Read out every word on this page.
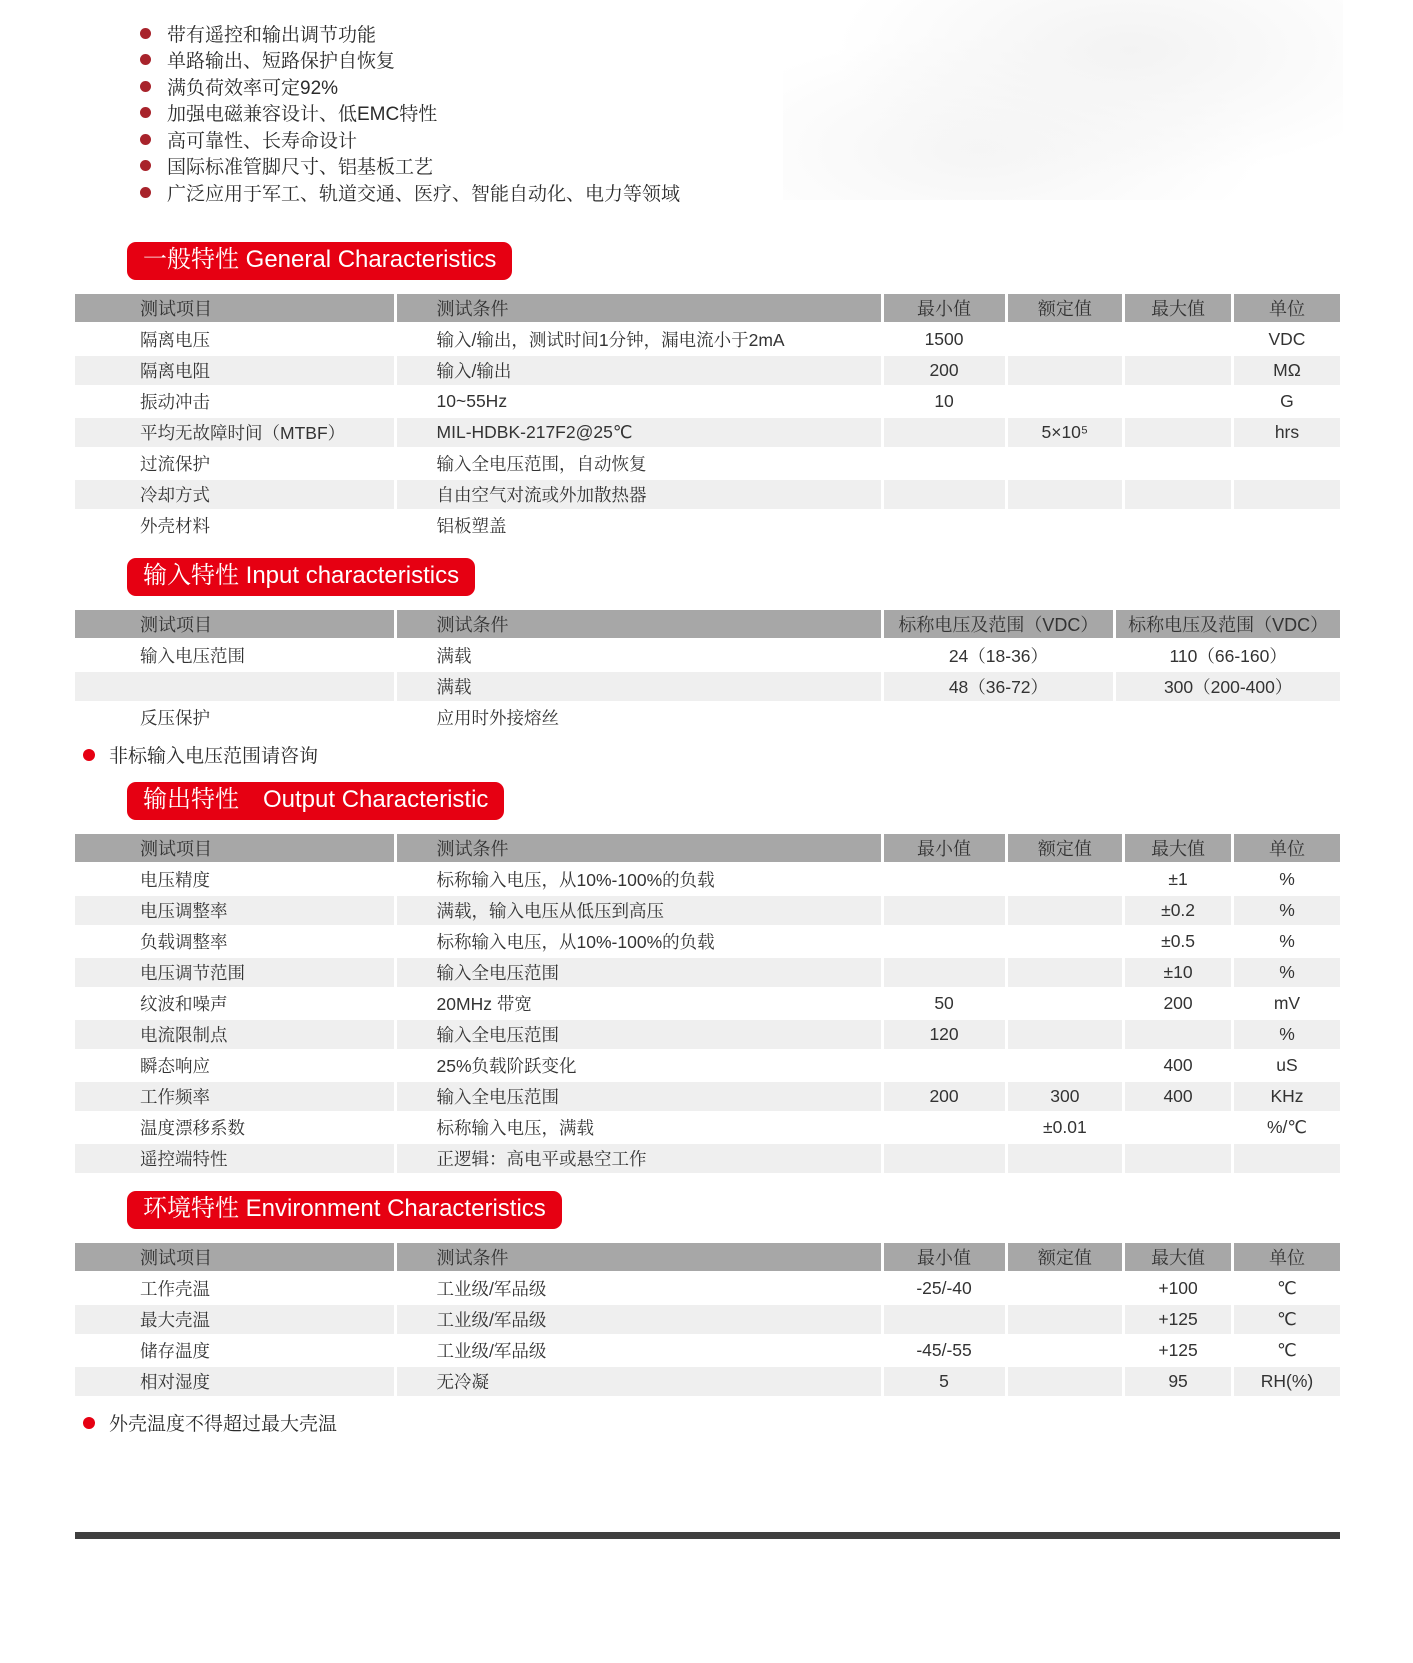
带有遥控和输出调节功能
单路输出、短路保护自恢复
满负荷效率可定92%
加强电磁兼容设计、低EMC特性
高可靠性、长寿命设计
国际标准管脚尺寸、铝基板工艺
广泛应用于军工、轨道交通、医疗、智能自动化、电力等领域
一般特性 General Characteristics
测试项目	测试条件	最小值	额定值	最大值	单位
隔离电压	输入/输出，测试时间1分钟，漏电流小于2mA	1500			VDC
隔离电阻	输入/输出	200			MΩ
振动冲击	10~55Hz	10			G
平均无故障时间（MTBF）	MIL-HDBK-217F2@25℃		5×10⁵		hrs
过流保护	输入全电压范围，自动恢复				
冷却方式	自由空气对流或外加散热器				
外壳材料	铝板塑盖				
输入特性 Input characteristics
测试项目	测试条件	标称电压及范围（VDC）	标称电压及范围（VDC）
输入电压范围	满载	24（18-36）	110（66-160）
	满载	48（36-72）	300（200-400）
反压保护	应用时外接熔丝		
非标输入电压范围请咨询
输出特性　Output Characteristic
测试项目	测试条件	最小值	额定值	最大值	单位
电压精度	标称输入电压，从10%-100%的负载			±1	%
电压调整率	满载，输入电压从低压到高压			±0.2	%
负载调整率	标称输入电压，从10%-100%的负载			±0.5	%
电压调节范围	输入全电压范围			±10	%
纹波和噪声	20MHz 带宽	50		200	mV
电流限制点	输入全电压范围	120			%
瞬态响应	25%负载阶跃变化			400	uS
工作频率	输入全电压范围	200	300	400	KHz
温度漂移系数	标称输入电压，满载		±0.01		%/℃
遥控端特性	正逻辑：高电平或悬空工作				
环境特性 Environment Characteristics
测试项目	测试条件	最小值	额定值	最大值	单位
工作壳温	工业级/军品级	-25/-40		+100	℃
最大壳温	工业级/军品级			+125	℃
储存温度	工业级/军品级	-45/-55		+125	℃
相对湿度	无冷凝	5		95	RH(%)
外壳温度不得超过最大壳温
